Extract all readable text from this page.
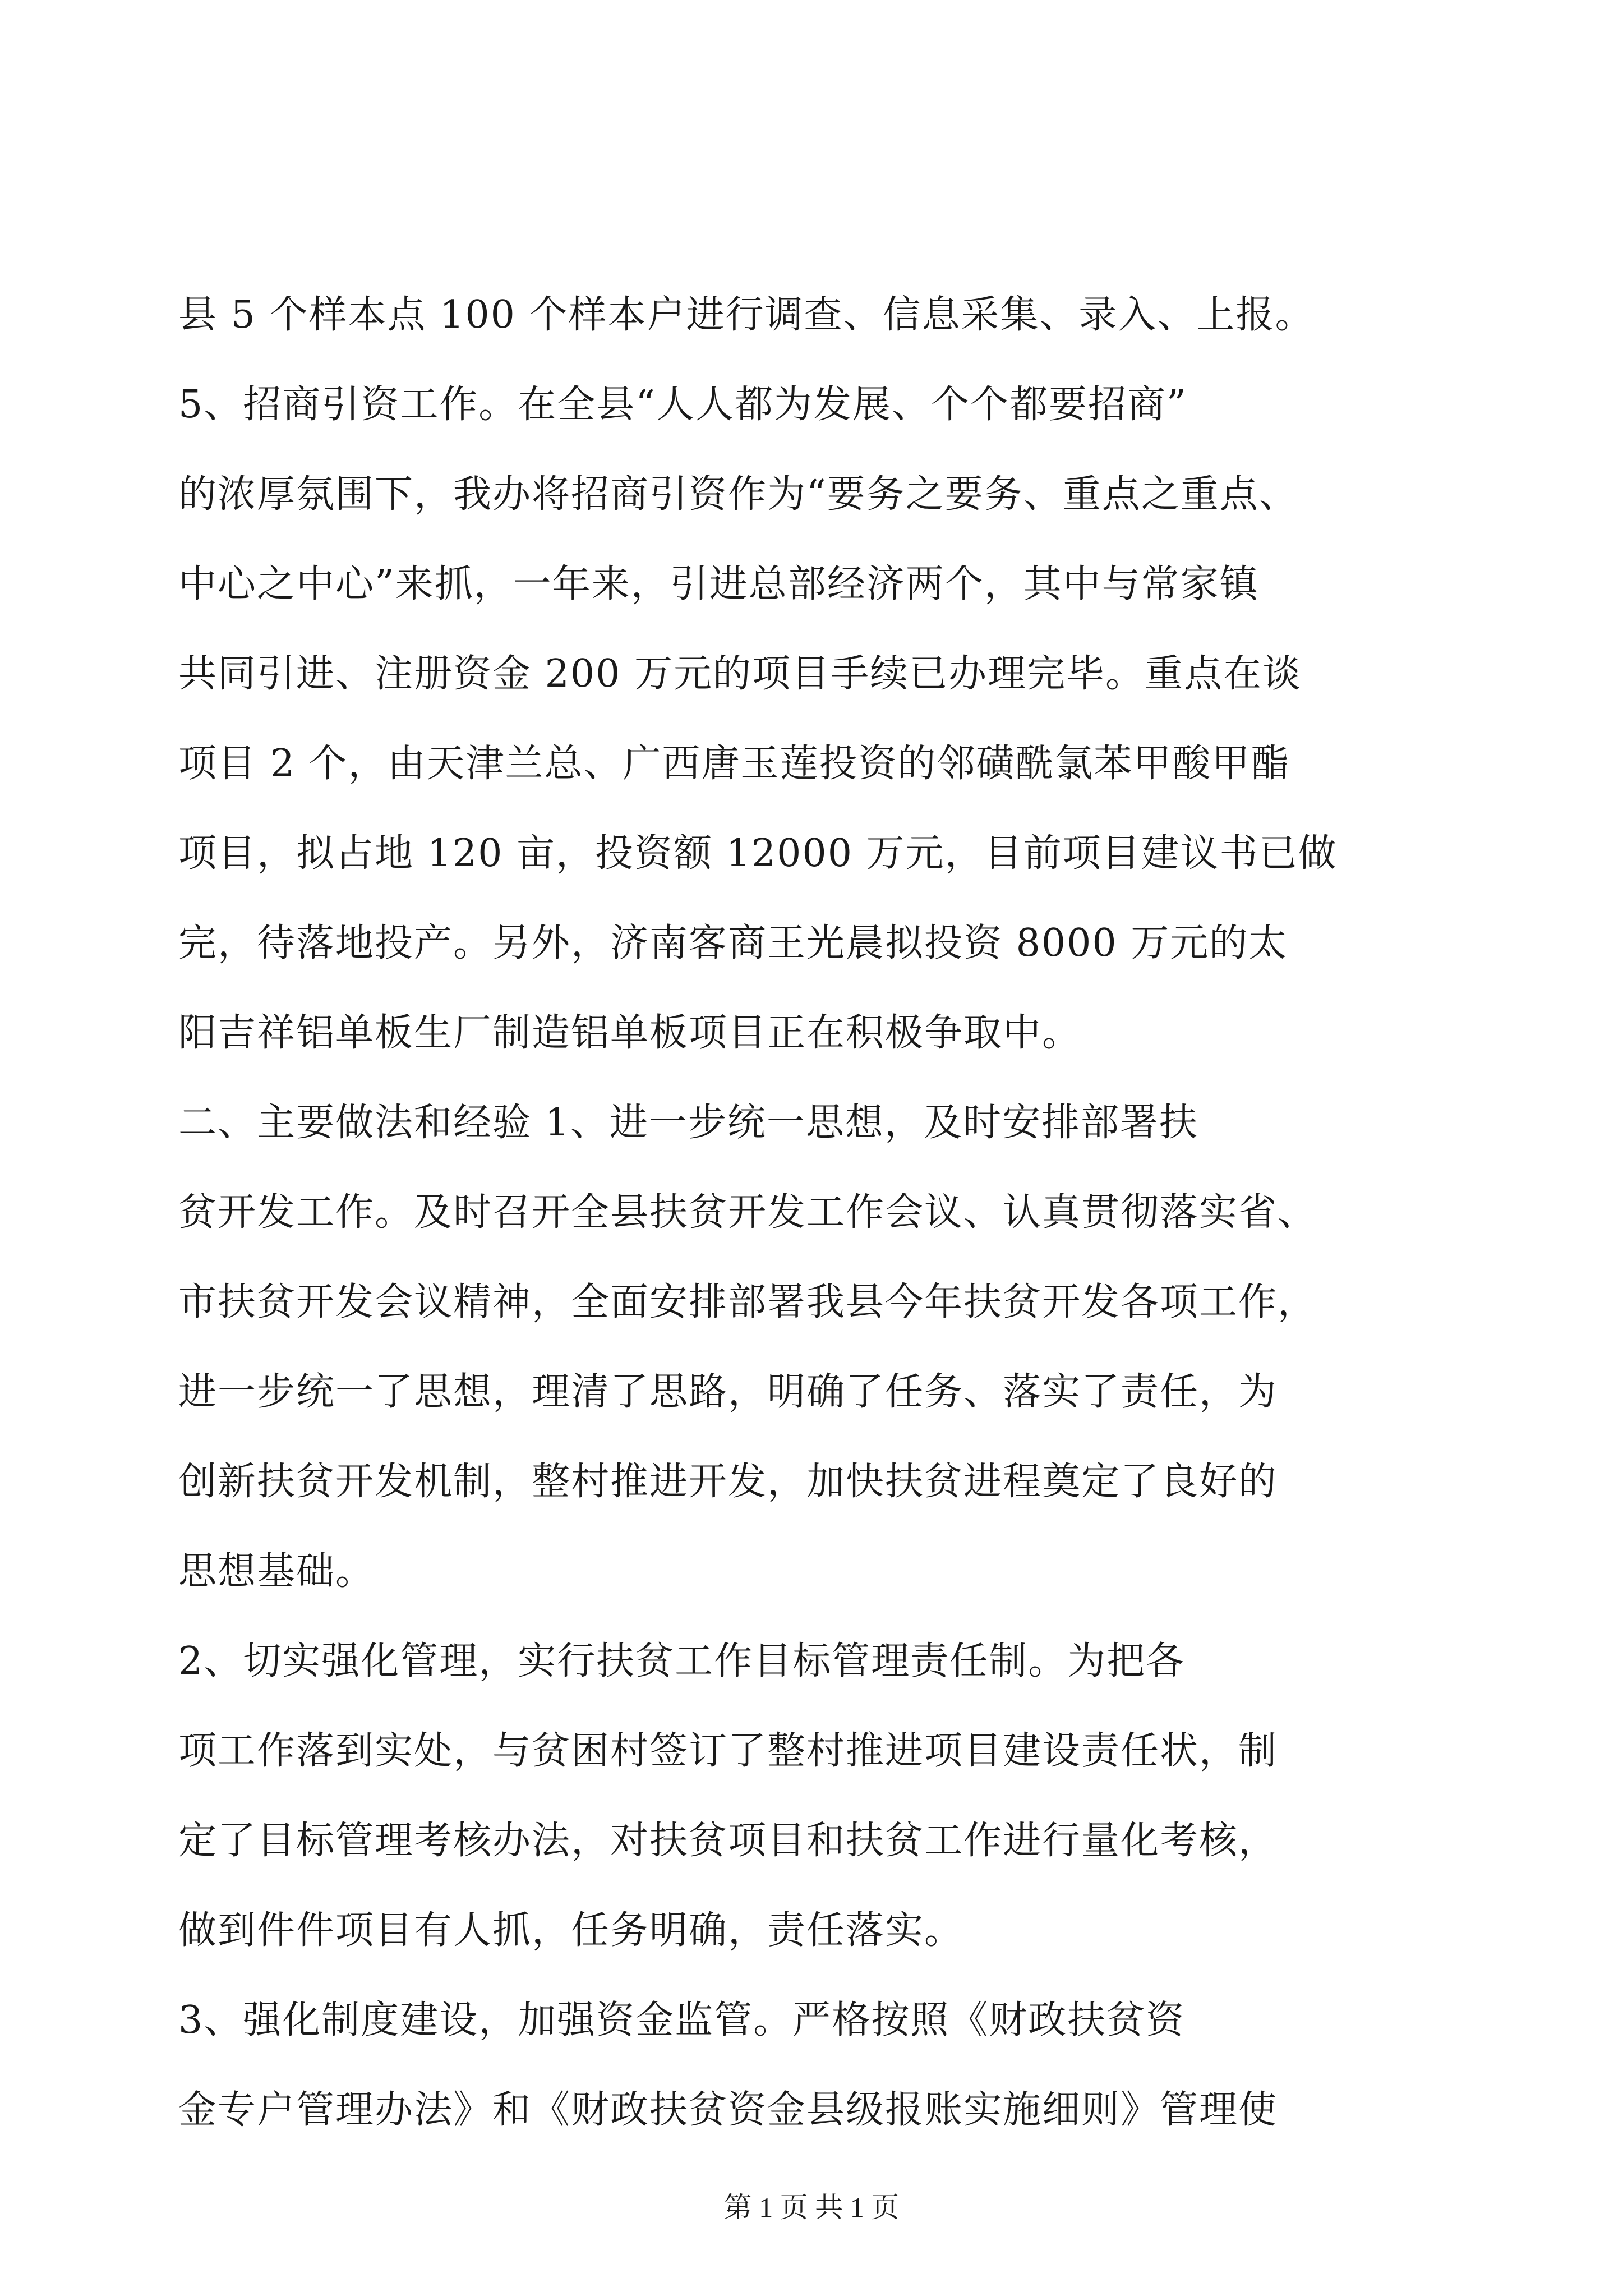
县 5 个样本点 100 个样本户进行调查、信息采集、录入、上报。
5、招商引资工作。在全县“人人都为发展、个个都要招商”
的浓厚氛围下，我办将招商引资作为“要务之要务、重点之重点、
中心之中心”来抓，一年来，引进总部经济两个，其中与常家镇
共同引进、注册资金 200 万元的项目手续已办理完毕。重点在谈
项目 2 个，由天津兰总、广西唐玉莲投资的邻磺酰氯苯甲酸甲酯
项目，拟占地 120 亩，投资额 12000 万元，目前项目建议书已做
完，待落地投产。另外，济南客商王光晨拟投资 8000 万元的太
阳吉祥铝单板生厂制造铝单板项目正在积极争取中。
二、主要做法和经验 1、进一步统一思想，及时安排部署扶
贫开发工作。及时召开全县扶贫开发工作会议、认真贯彻落实省、
市扶贫开发会议精神，全面安排部署我县今年扶贫开发各项工作，
进一步统一了思想，理清了思路，明确了任务、落实了责任，为
创新扶贫开发机制，整村推进开发，加快扶贫进程奠定了良好的
思想基础。
2、切实强化管理，实行扶贫工作目标管理责任制。为把各
项工作落到实处，与贫困村签订了整村推进项目建设责任状，制
定了目标管理考核办法，对扶贫项目和扶贫工作进行量化考核，
做到件件项目有人抓，任务明确，责任落实。
3、强化制度建设，加强资金监管。严格按照《财政扶贫资
金专户管理办法》和《财政扶贫资金县级报账实施细则》管理使
第 1 页 共 1 页
